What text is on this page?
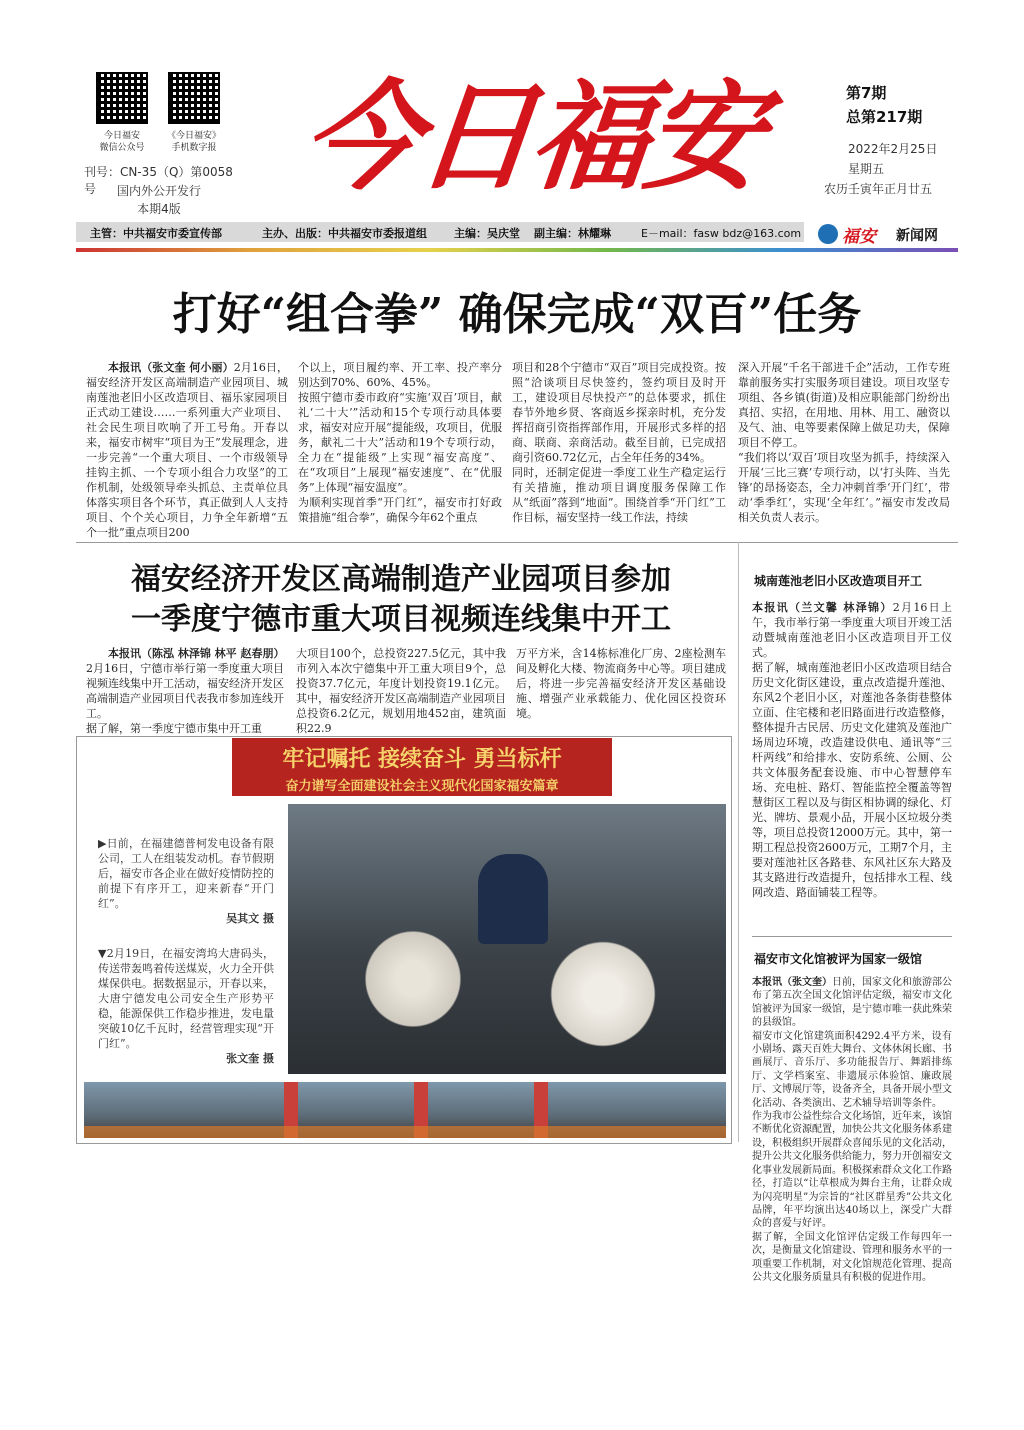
今日福安
微信公众号
《今日福安》
手机数字报
刊号：CN-35（Q）第0058号	国内外公开发行
本期4版
今日福安	第7期
总第217期
2022年2月25日
星期五
农历壬寅年正月廿五
主管：中共福安市委宣传部	主办、出版：中共福安市委报道组 主编：吴庆堂 副主编：林耀琳	E－mail：fasw bdz@163.com 福安 新闻网
打好“组合拳” 确保完成“双百”任务

本报讯（张文奎 何小丽）2月16日，福安经济开发区高端制造产业园项目、城南莲池老旧小区改造项目、福乐家园项目正式动工建设……一系列重大产业项目、社会民生项目吹响了开工号角。开春以来，福安市树牢“项目为王”发展理念，进一步完善“一个重大项目、一个市级领导挂钩主抓、一个专项小组合力攻坚”的工作机制，处级领导牵头抓总、主责单位具体落实项目各个环节，真正做到人人支持项目、个个关心项目，力争全年新增“五个一批”重点项目200

个以上，项目履约率、开工率、投产率分别达到70%、60%、45%。
按照宁德市委市政府“实施‘双百’项目，献礼‘二十大’”活动和15个专项行动具体要求，福安对应开展“提能级，攻项目，优服务，献礼二十大”活动和19个专项行动，全力在“提能级”上实现“福安高度”、在“攻项目”上展现“福安速度”、在“优服务”上体现“福安温度”。
为顺利实现首季“开门红”，福安市打好政策措施“组合拳”，确保今年62个重点
项目和28个宁德市“双百”项目完成投资。按照“洽谈项目尽快签约，签约项目及时开工，建设项目尽快投产”的总体要求，抓住春节外地乡贤、客商返乡探亲时机，充分发挥招商引资指挥部作用，开展形式多样的招商、联商、亲商活动。截至目前，已完成招商引资60.72亿元，占全年任务的34%。
同时，还制定促进一季度工业生产稳定运行有关措施，推动项目调度服务保障工作从“纸面”落到“地面”。围绕首季“开门红”工作目标，福安坚持一线工作法，持续
深入开展“千名干部进千企”活动，工作专班靠前服务实打实服务项目建设。项目攻坚专项组、各乡镇(街道)及相应职能部门纷纷出真招、实招，在用地、用林、用工、融资以及气、油、电等要素保障上做足功夫，保障项目不停工。
“我们将以‘双百’项目攻坚为抓手，持续深入开展‘三比三赛’专项行动，以‘打头阵、当先锋’的昂扬姿态，全力冲刺首季‘开门红’，带动‘季季红’，实现‘全年红’。”福安市发改局相关负责人表示。
福安经济开发区高端制造产业园项目参加
一季度宁德市重大项目视频连线集中开工

本报讯（陈泓 林泽锦 林平 赵春朋）2月16日，宁德市举行第一季度重大项目视频连线集中开工活动，福安经济开发区高端制造产业园项目代表我市参加连线开工。
据了解，第一季度宁德市集中开工重

大项目100个，总投资227.5亿元，其中我市列入本次宁德集中开工重大项目9个，总投资37.7亿元，年度计划投资19.1亿元。其中，福安经济开发区高端制造产业园项目总投资6.2亿元，规划用地452亩，建筑面积22.9
万平方米，含14栋标准化厂房、2座检测车间及孵化大楼、物流商务中心等。项目建成后，将进一步完善福安经济开发区基础设施、增强产业承载能力、优化园区投资环境。
牢记嘱托 接续奋斗 勇当标杆
奋力谱写全面建设社会主义现代化国家福安篇章
▶日前，在福建德普柯发电设备有限公司，工人在组装发动机。春节假期后，福安市各企业在做好疫情防控的前提下有序开工，迎来新春“开门红”。
吴其文 摄
▼2月19日，在福安湾坞大唐码头，传送带轰鸣着传送煤炭，火力全开供煤保供电。据数据显示，开春以来，大唐宁德发电公司安全生产形势平稳，能源保供工作稳步推进，发电量突破10亿千瓦时，经营管理实现“开门红”。
张文奎 摄
城南莲池老旧小区改造项目开工
本报讯（兰文馨 林泽锦）2月16日上午，我市举行第一季度重大项目开竣工活动暨城南莲池老旧小区改造项目开工仪式。
据了解，城南莲池老旧小区改造项目结合历史文化街区建设，重点改造提升莲池、东风2个老旧小区，对莲池各条街巷整体立面、住宅楼和老旧路面进行改造整修，整体提升古民居、历史文化建筑及莲池广场周边环境，改造建设供电、通讯等“三杆两线”和给排水、安防系统、公厕、公共文体服务配套设施、市中心智慧停车场、充电桩、路灯、智能监控全覆盖等智慧街区工程以及与街区相协调的绿化、灯光、牌坊、景观小品，开展小区垃圾分类等，项目总投资12000万元。其中，第一期工程总投资2600万元，工期7个月，主要对莲池社区各路巷、东风社区东大路及其支路进行改造提升，包括排水工程、线网改造、路面铺装工程等。
福安市文化馆被评为国家一级馆
本报讯（张文奎）日前，国家文化和旅游部公布了第五次全国文化馆评估定级，福安市文化馆被评为国家一级馆，是宁德市唯一获此殊荣的县级馆。
福安市文化馆建筑面积4292.4平方米，设有小剧场、露天百姓大舞台、文体休闲长廊、书画展厅、音乐厅、多功能报告厅、舞蹈排练厅、文学档案室、非遗展示体验馆、廉政展厅、文博展厅等，设备齐全，具备开展小型文化活动、各类演出、艺术辅导培训等条件。
作为我市公益性综合文化场馆，近年来，该馆不断优化资源配置，加快公共文化服务体系建设，积极组织开展群众喜闻乐见的文化活动，提升公共文化服务供给能力，努力开创福安文化事业发展新局面。积极探索群众文化工作路径，打造以“让草根成为舞台主角，让群众成为闪亮明星”为宗旨的“社区群星秀”公共文化品牌，年平均演出达40场以上，深受广大群众的喜爱与好评。
据了解，全国文化馆评估定级工作每四年一次，是衡量文化馆建设、管理和服务水平的一项重要工作机制，对文化馆规范化管理、提高公共文化服务质量具有积极的促进作用。
